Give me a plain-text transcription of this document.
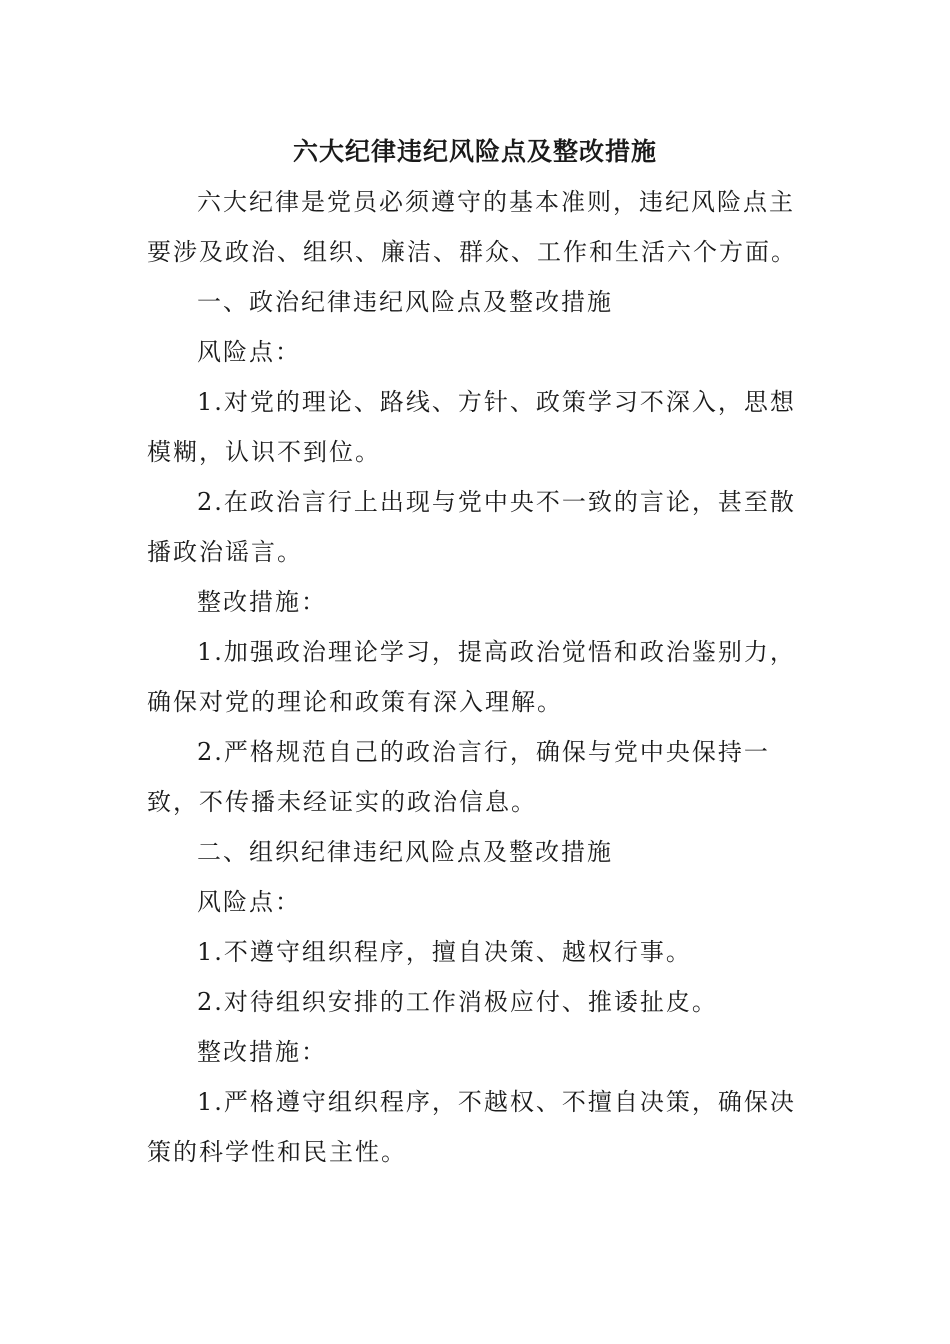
六大纪律违纪风险点及整改措施

六大纪律是党员必须遵守的基本准则，违纪风险点主要涉及政治、组织、廉洁、群众、工作和生活六个方面。

一、政治纪律违纪风险点及整改措施

风险点：

1.对党的理论、路线、方针、政策学习不深入，思想模糊，认识不到位。

2.在政治言行上出现与党中央不一致的言论，甚至散播政治谣言。

整改措施：

1.加强政治理论学习，提高政治觉悟和政治鉴别力，确保对党的理论和政策有深入理解。

2.严格规范自己的政治言行，确保与党中央保持一致，不传播未经证实的政治信息。

二、组织纪律违纪风险点及整改措施

风险点：

1.不遵守组织程序，擅自决策、越权行事。

2.对待组织安排的工作消极应付、推诿扯皮。

整改措施：

1.严格遵守组织程序，不越权、不擅自决策，确保决策的科学性和民主性。
